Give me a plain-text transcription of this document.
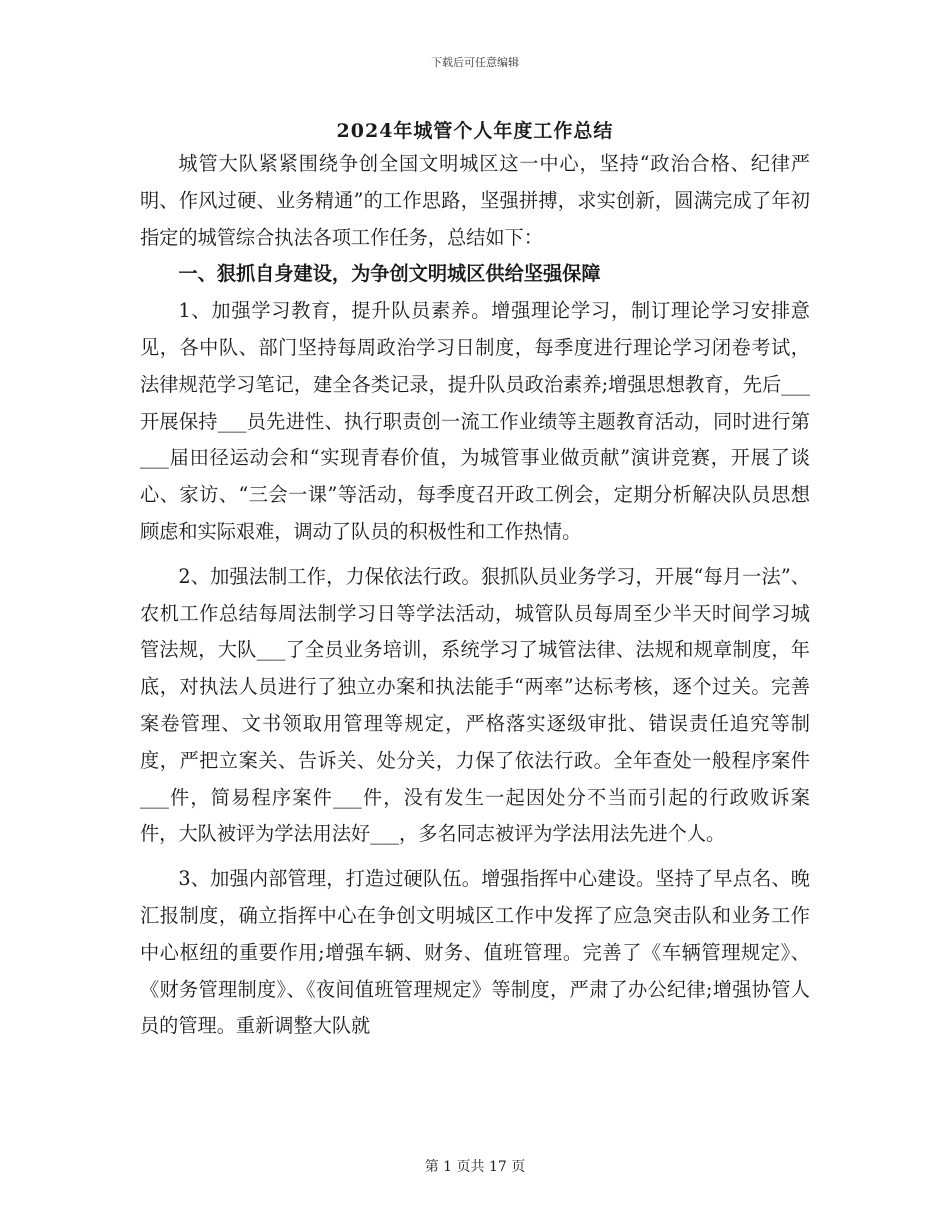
下载后可任意编辑
2024年城管个人年度工作总结

城管大队紧紧围绕争创全国文明城区这一中心，坚持“政治合格、纪律严明、作风过硬、业务精通”的工作思路，坚强拼搏，求实创新，圆满完成了年初指定的城管综合执法各项工作任务，总结如下：

一、狠抓自身建设，为争创文明城区供给坚强保障

1、加强学习教育，提升队员素养。增强理论学习，制订理论学习安排意见，各中队、部门坚持每周政治学习日制度，每季度进行理论学习闭卷考试，法律规范学习笔记，建全各类记录，提升队员政治素养;增强思想教育，先后___开展保持___员先进性、执行职责创一流工作业绩等主题教育活动，同时进行第___届田径运动会和“实现青春价值，为城管事业做贡献”演讲竞赛，开展了谈心、家访、“三会一课”等活动，每季度召开政工例会，定期分析解决队员思想顾虑和实际艰难，调动了队员的积极性和工作热情。

2、加强法制工作，力保依法行政。狠抓队员业务学习，开展“每月一法”、农机工作总结每周法制学习日等学法活动，城管队员每周至少半天时间学习城管法规，大队___了全员业务培训，系统学习了城管法律、法规和规章制度，年底，对执法人员进行了独立办案和执法能手“两率”达标考核，逐个过关。完善案卷管理、文书领取用管理等规定，严格落实逐级审批、错误责任追究等制度，严把立案关、告诉关、处分关，力保了依法行政。全年查处一般程序案件___件，简易程序案件___件，没有发生一起因处分不当而引起的行政败诉案件，大队被评为学法用法好___，多名同志被评为学法用法先进个人。

3、加强内部管理，打造过硬队伍。增强指挥中心建设。坚持了早点名、晚汇报制度，确立指挥中心在争创文明城区工作中发挥了应急突击队和业务工作中心枢纽的重要作用;增强车辆、财务、值班管理。完善了《车辆管理规定》、《财务管理制度》、《夜间值班管理规定》等制度，严肃了办公纪律;增强协管人员的管理。重新调整大队就

第 1 页共 17 页
